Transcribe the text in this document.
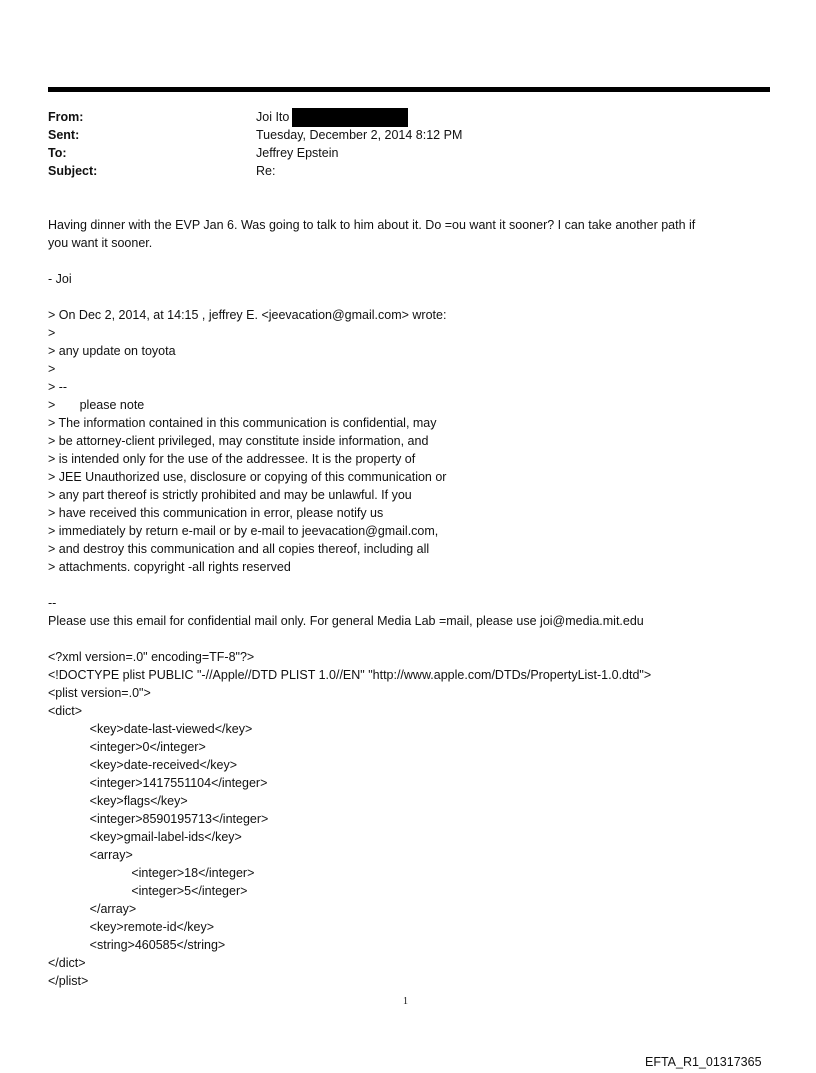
From:	Joi Ito
Sent:	Tuesday, December 2, 2014 8:12 PM
To:	Jeffrey Epstein
Subject:	Re:
Having dinner with the EVP Jan 6. Was going to talk to him about it. Do =ou want it sooner? I can take another path if
you want it sooner.
- Joi
> On Dec 2, 2014, at 14:15 , jeffrey E. <jeevacation@gmail.com> wrote:
>
> any update on toyota
>
> --
>       please note
> The information contained in this communication is confidential, may
> be attorney-client privileged, may constitute inside information, and
> is intended only for the use of the addressee. It is the property of
> JEE Unauthorized use, disclosure or copying of this communication or
> any part thereof is strictly prohibited and may be unlawful. If you
> have received this communication in error, please notify us
> immediately by return e-mail or by e-mail to jeevacation@gmail.com,
> and destroy this communication and all copies thereof, including all
> attachments. copyright -all rights reserved
--
Please use this email for confidential mail only. For general Media Lab =mail, please use joi@media.mit.edu
<?xml version=.0" encoding=TF-8"?>
<!DOCTYPE plist PUBLIC "-//Apple//DTD PLIST 1.0//EN" "http://www.apple.com/DTDs/PropertyList-1.0.dtd">
<plist version=.0">
<dict>
<key>date-last-viewed</key>
<integer>0</integer>
<key>date-received</key>
<integer>1417551104</integer>
<key>flags</key>
<integer>8590195713</integer>
<key>gmail-label-ids</key>
<array>
<integer>18</integer>
<integer>5</integer>
</array>
<key>remote-id</key>
<string>460585</string>
</dict>
</plist>
1
EFTA_R1_01317365
